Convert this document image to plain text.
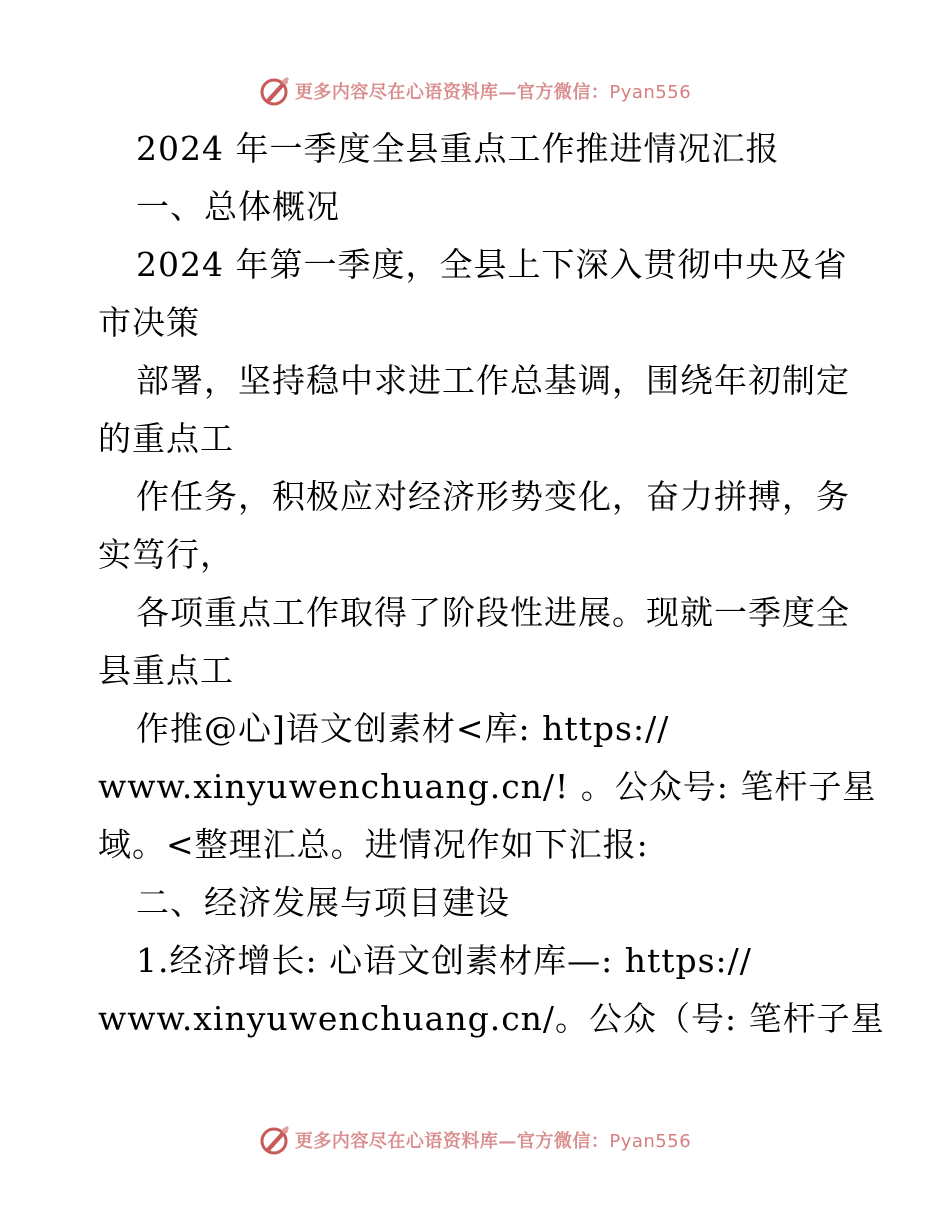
更多内容尽在心语资料库—官方微信：Pyan556
2024 年一季度全县重点工作推进情况汇报
一、总体概况
2024 年第一季度，全县上下深入贯彻中央及省
市决策
部署，坚持稳中求进工作总基调，围绕年初制定
的重点工
作任务，积极应对经济形势变化，奋力拼搏，务
实笃行，
各项重点工作取得了阶段性进展。现就一季度全
县重点工
作推@心]语文创素材<库: https://
www.xinyuwenchuang.cn/! 。公众号: 笔杆子星
域。<整理汇总。进情况作如下汇报:
二、经济发展与项目建设
1.经济增长: 心语文创素材库—: https://
www.xinyuwenchuang.cn/。公众（号: 笔杆子星
更多内容尽在心语资料库—官方微信：Pyan556
